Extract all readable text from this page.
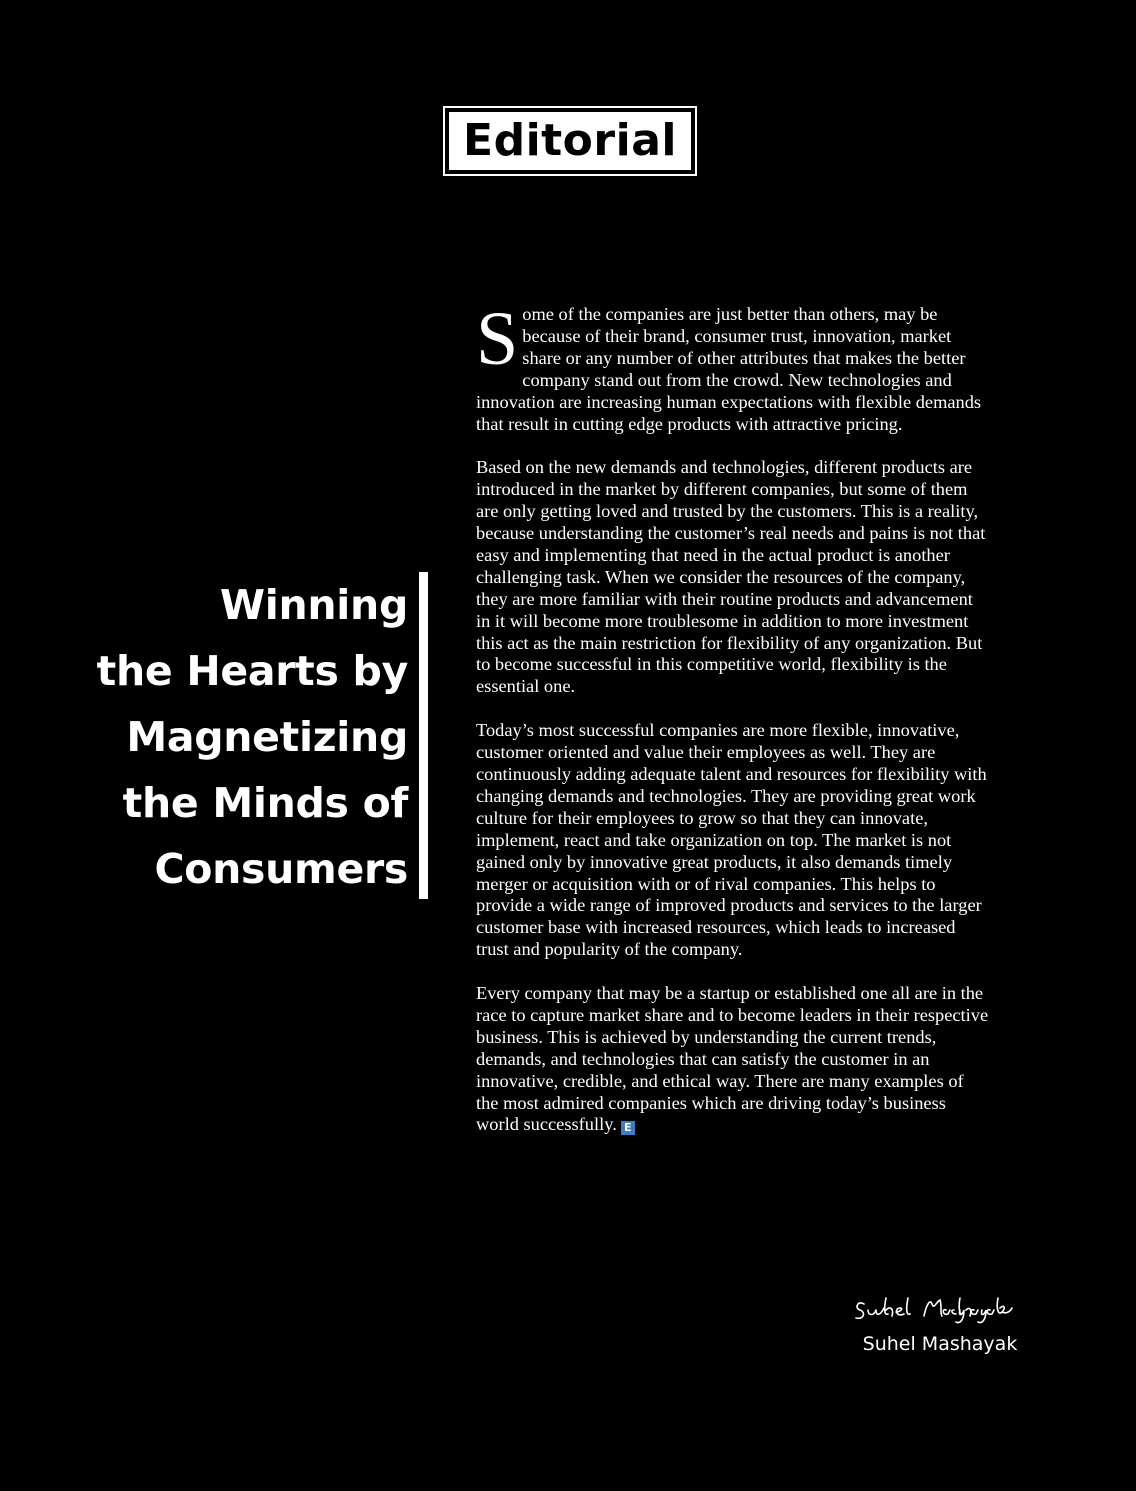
Editorial
Winning
the Hearts by
Magnetizing
the Minds of
Consumers

Some of the companies are just better than others, may be because of their brand, consumer trust, innovation, market share or any number of other attributes that makes the better company stand out from the crowd. New technologies and innovation are increasing human expectations with flexible demands that result in cutting edge products with attractive pricing.

Based on the new demands and technologies, different products are introduced in the market by different companies, but some of them are only getting loved and trusted by the customers. This is a reality, because understanding the customer’s real needs and pains is not that easy and implementing that need in the actual product is another challenging task. When we consider the resources of the company, they are more familiar with their routine products and advancement in it will become more troublesome in addition to more investment this act as the main restriction for flexibility of any organization. But to become successful in this competitive world, flexibility is the essential one.

Today’s most successful companies are more flexible, innovative, customer oriented and value their employees as well. They are continuously adding adequate talent and resources for flexibility with changing demands and technologies. They are providing great work culture for their employees to grow so that they can innovate, implement, react and take organization on top. The market is not gained only by innovative great products, it also demands timely merger or acquisition with or of rival companies. This helps to provide a wide range of improved products and services to the larger customer base with increased resources, which leads to increased trust and popularity of the company.

Every company that may be a startup or established one all are in the race to capture market share and to become leaders in their respective business. This is achieved by understanding the current trends, demands, and technologies that can satisfy the customer in an innovative, credible, and ethical way. There are many examples of the most admired companies which are driving today’s business world successfully. E

Suhel Mashayak
